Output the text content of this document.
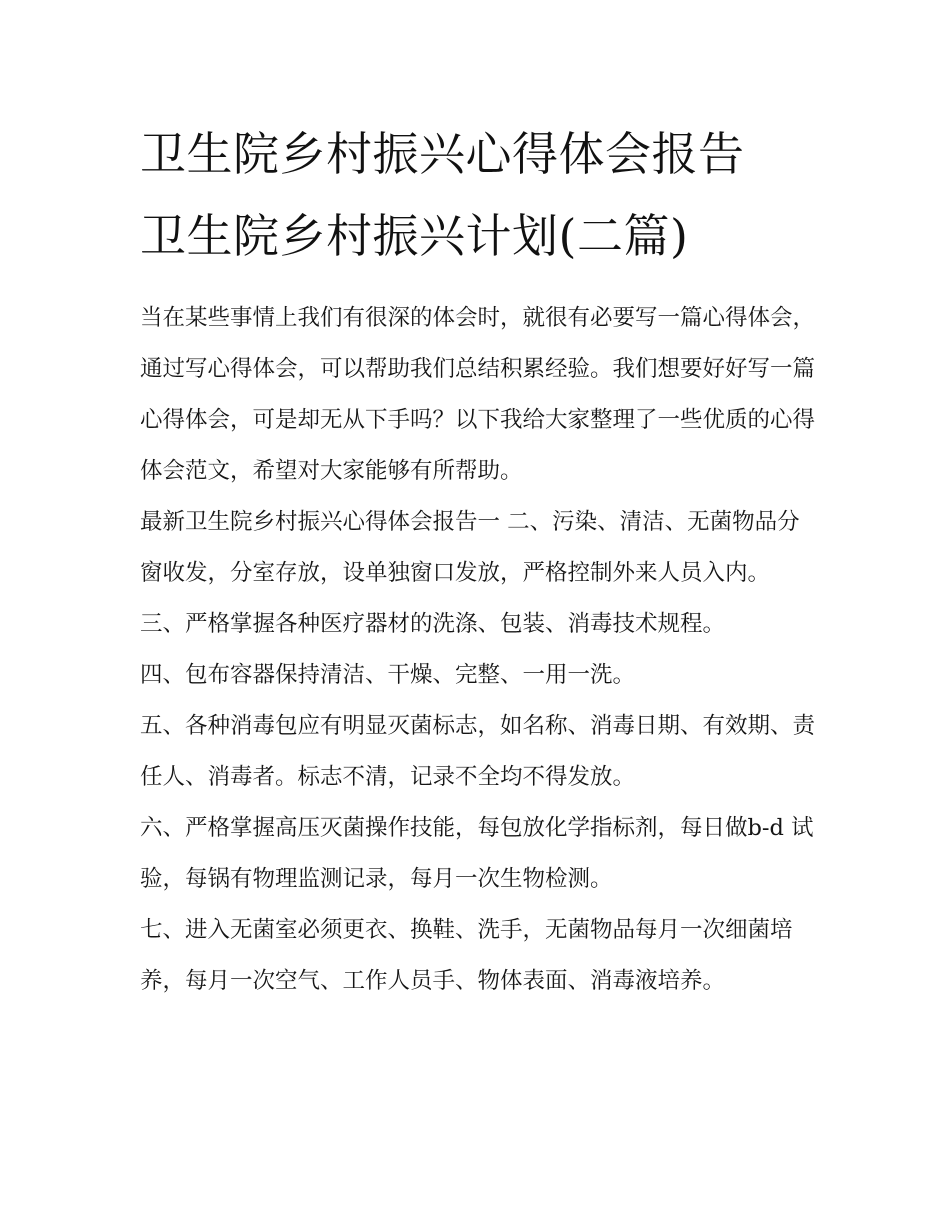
卫生院乡村振兴心得体会报告
卫生院乡村振兴计划(二篇)

当在某些事情上我们有很深的体会时，就很有必要写一篇心得体会，通过写心得体会，可以帮助我们总结积累经验。我们想要好好写一篇心得体会，可是却无从下手吗？以下我给大家整理了一些优质的心得体会范文，希望对大家能够有所帮助。

最新卫生院乡村振兴心得体会报告一 二、污染、清洁、无菌物品分窗收发，分室存放，设单独窗口发放，严格控制外来人员入内。

三、严格掌握各种医疗器材的洗涤、包装、消毒技术规程。

四、包布容器保持清洁、干燥、完整、一用一洗。

五、各种消毒包应有明显灭菌标志，如名称、消毒日期、有效期、责任人、消毒者。标志不清，记录不全均不得发放。

六、严格掌握高压灭菌操作技能，每包放化学指标剂，每日做b-d 试验，每锅有物理监测记录，每月一次生物检测。

七、进入无菌室必须更衣、换鞋、洗手，无菌物品每月一次细菌培养，每月一次空气、工作人员手、物体表面、消毒液培养。
